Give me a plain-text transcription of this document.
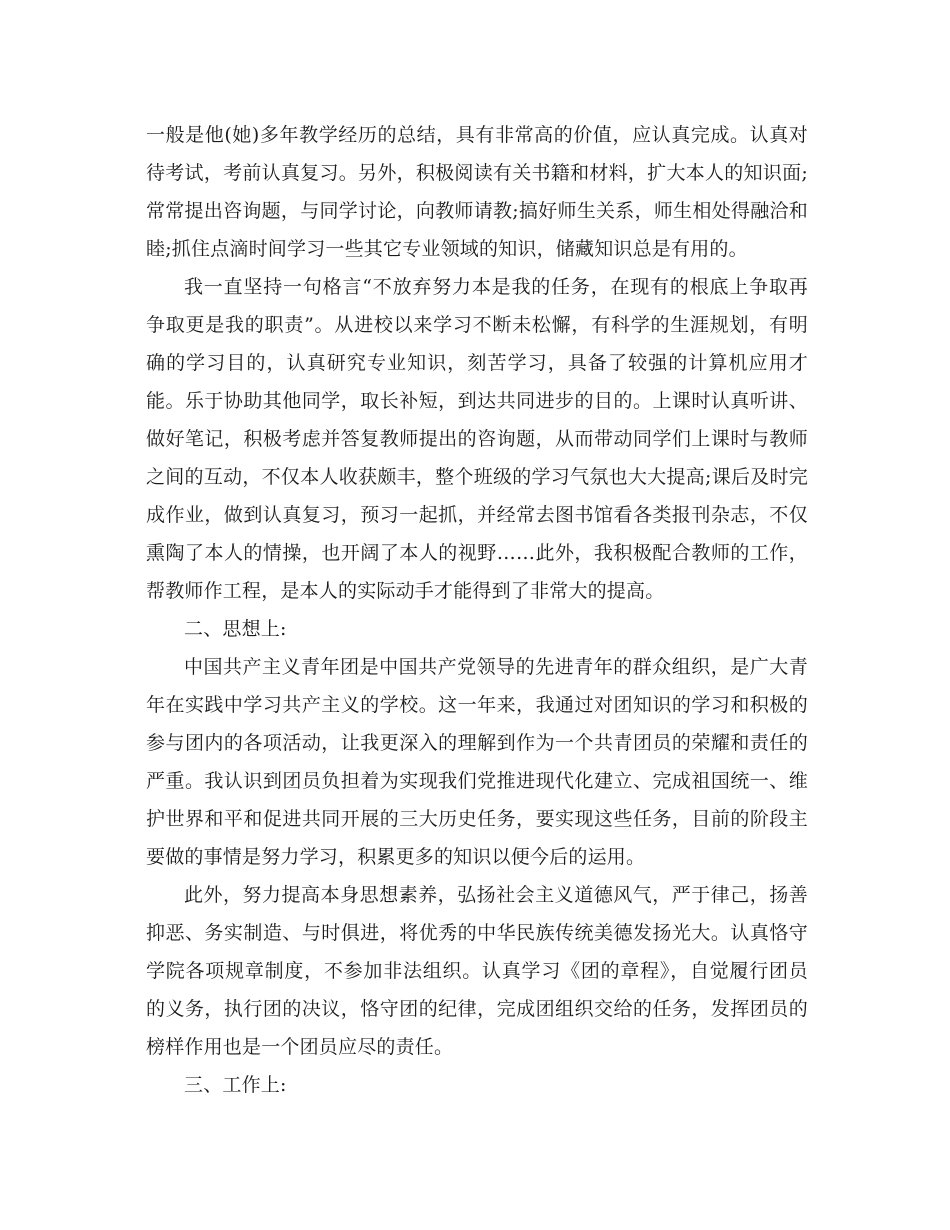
一般是他(她)多年教学经历的总结，具有非常高的价值，应认真完成。认真对待考试，考前认真复习。另外，积极阅读有关书籍和材料，扩大本人的知识面;常常提出咨询题，与同学讨论，向教师请教;搞好师生关系，师生相处得融洽和睦;抓住点滴时间学习一些其它专业领域的知识，储藏知识总是有用的。

我一直坚持一句格言“不放弃努力本是我的任务，在现有的根底上争取再争取更是我的职责”。从进校以来学习不断未松懈，有科学的生涯规划，有明确的学习目的，认真研究专业知识，刻苦学习，具备了较强的计算机应用才能。乐于协助其他同学，取长补短，到达共同进步的目的。上课时认真听讲、做好笔记，积极考虑并答复教师提出的咨询题，从而带动同学们上课时与教师之间的互动，不仅本人收获颇丰，整个班级的学习气氛也大大提高;课后及时完成作业，做到认真复习，预习一起抓，并经常去图书馆看各类报刊杂志，不仅熏陶了本人的情操，也开阔了本人的视野……此外，我积极配合教师的工作，帮教师作工程，是本人的实际动手才能得到了非常大的提高。

二、思想上:

中国共产主义青年团是中国共产党领导的先进青年的群众组织，是广大青年在实践中学习共产主义的学校。这一年来，我通过对团知识的学习和积极的参与团内的各项活动，让我更深入的理解到作为一个共青团员的荣耀和责任的严重。我认识到团员负担着为实现我们党推进现代化建立、完成祖国统一、维护世界和平和促进共同开展的三大历史任务，要实现这些任务，目前的阶段主要做的事情是努力学习，积累更多的知识以便今后的运用。

此外，努力提高本身思想素养，弘扬社会主义道德风气，严于律己，扬善抑恶、务实制造、与时俱进，将优秀的中华民族传统美德发扬光大。认真恪守学院各项规章制度，不参加非法组织。认真学习《团的章程》，自觉履行团员的义务，执行团的决议，恪守团的纪律，完成团组织交给的任务，发挥团员的榜样作用也是一个团员应尽的责任。

三、工作上:
